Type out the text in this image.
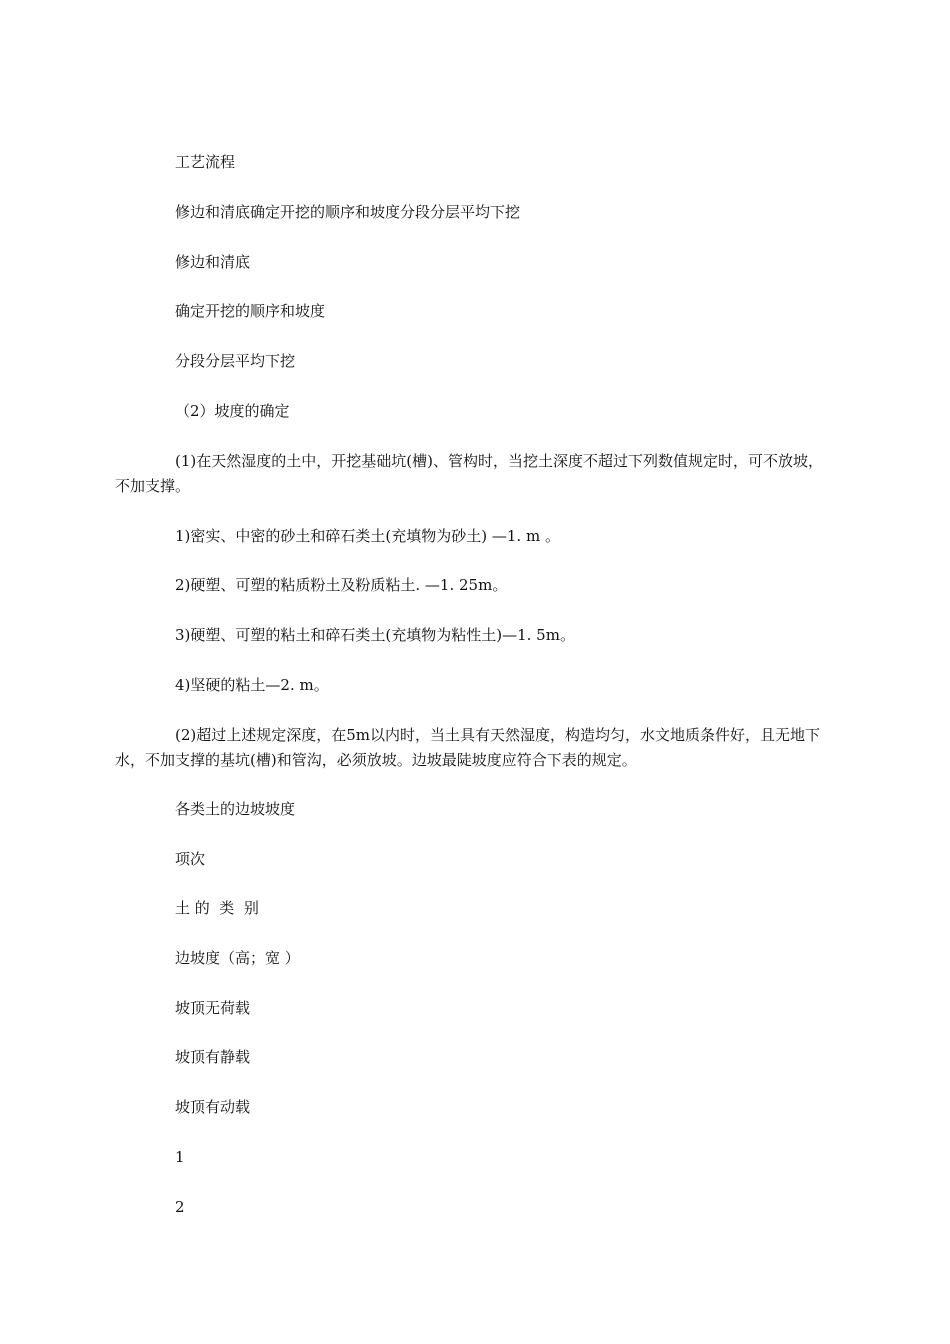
工艺流程

修边和清底确定开挖的顺序和坡度分段分层平均下挖

修边和清底

确定开挖的顺序和坡度

分段分层平均下挖

（2）坡度的确定

(1)在天然湿度的土中，开挖基础坑(槽)、管构时，当挖土深度不超过下列数值规定时，可不放坡，不加支撑。

1)密实、中密的砂土和碎石类土(充填物为砂土) —1. m 。

2)硬塑、可塑的粘质粉土及粉质粘土. —1. 25m。

3)硬塑、可塑的粘土和碎石类土(充填物为粘性土)—1. 5m。

4)坚硬的粘土—2. m。

(2)超过上述规定深度，在5m以内时，当土具有天然湿度，构造均匀，水文地质条件好，且无地下水，不加支撑的基坑(槽)和管沟，必须放坡。边坡最陡坡度应符合下表的规定。

各类土的边坡坡度

项次

土 的  类  别

边坡度（高；宽 ）

坡顶无荷载

坡顶有静载

坡顶有动载

1

2
